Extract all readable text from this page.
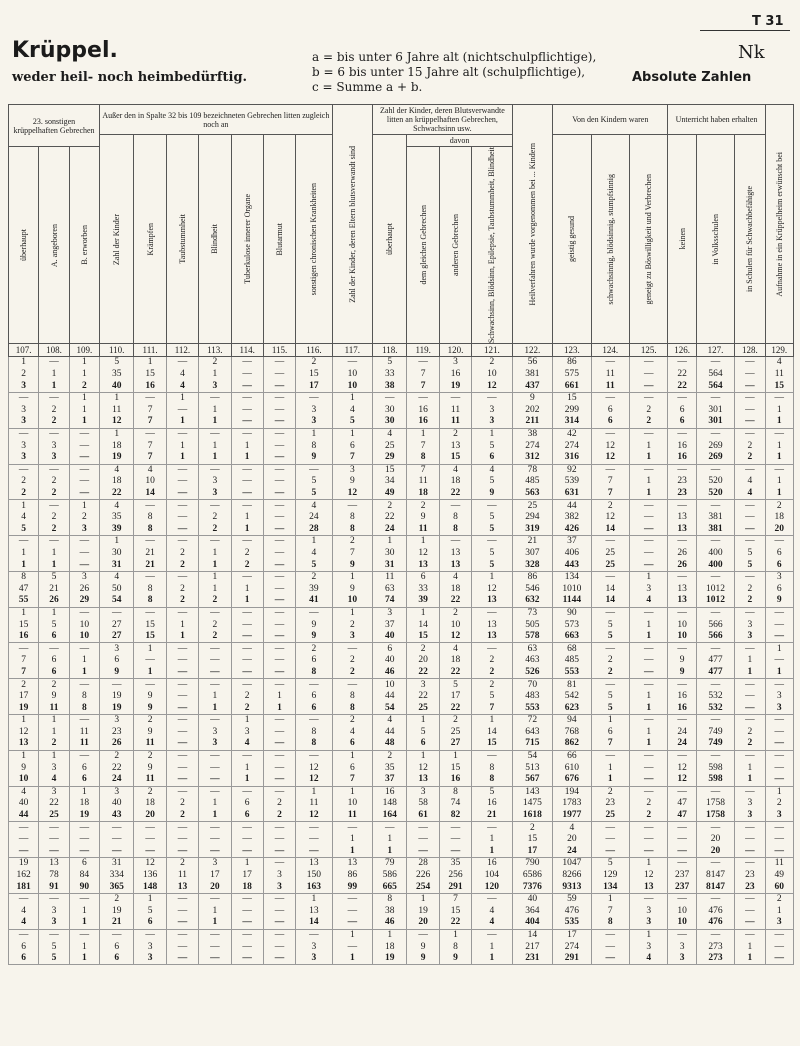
Krüppel.
weder heil- noch heimbedürftig.
a = bis unter 6 Jahre alt (nichtschulpflichtige),
b = 6 bis unter 15 Jahre alt (schulpflichtige),
c = Summe a + b.
T 31
Nk
Absolute Zahlen
23. sonstigen krüppelhaften Gebrechen			Außer den in Spalte 32 bis 109 bezeichneten Gebrechen litten zugleich noch an							Zahl der Kinder, deren Eltern blutsverwandt sind	Zahl der Kinder, deren Blutsverwandte litten an krüppelhaften Gebrechen, Schwachsinn usw.				Heilverfahren wurde vorgenommen bei ... Kindern	Von den Kindern waren			Unterricht haben erhalten			Aufnahme in ein Krüppelheim erwünscht bei

			Zahl der Kinder	Krämpfen	Taubstummheit	Blindheit	Tuberkulose innerer Organe	Blutarmut	sonstigen chronischen Krankheiten		überhaupt	davon				geistig gesund	schwachsinnig, blödsinnig, stumpfsinnig	geneigt zu Böswilligkeit und Verbrechen	keinen	in Volksschulen	in Schulen für Schwachbefähigte	

überhaupt	A. angeboren	B. erworben										dem gleichen Gebrechen	anderen Gebrechen	Schwachsinn, Blödsinn, Epilepsie, Taubstummheit, Blindheit								

107.	108.	109.	110.	111.	112.	113.	114.	115.	116.	117.	118.	119.	120.	121.	122.	123.	124.	125.	126.	127.	128.	129.
1	—	1	5	1	—	2	—	—	2	—	5	—	3	2	56	86	—	—	—	—	—	4
2	1	1	35	15	4	1	—	—	15	10	33	7	16	10	381	575	11	—	22	564	—	11
3	1	2	40	16	4	3	—	—	17	10	38	7	19	12	437	661	11	—	22	564	—	15
—	—	1	1	—	1	—	—	—	—	1	—	—	—	—	9	15	—	—	—	—	—	—
3	2	1	11	7	—	1	—	—	3	4	30	16	11	3	202	299	6	2	6	301	—	1
3	2	1	12	7	1	1	—	—	3	5	30	16	11	3	211	314	6	2	6	301	—	1
—	—	—	1	—	—	—	—	—	1	1	4	1	2	1	38	42	—	—	—	—	—	—
3	3	—	18	7	1	1	1	—	8	6	25	7	13	5	274	274	12	1	16	269	2	1
3	3	—	19	7	1	1	1	—	9	7	29	8	15	6	312	316	12	1	16	269	2	1
—	—	—	4	4	—	—	—	—	—	3	15	7	4	4	78	92	—	—	—	—	—	—
2	2	—	18	10	—	3	—	—	5	9	34	11	18	5	485	539	7	1	23	520	4	1
2	2	—	22	14	—	3	—	—	5	12	49	18	22	9	563	631	7	1	23	520	4	1
1	—	1	4	—	—	—	—	—	4	—	2	2	—	—	25	44	2	—	—	—	—	2
4	2	2	35	8	—	2	1	—	24	8	22	9	8	5	294	382	12	—	13	381	—	18
5	2	3	39	8	—	2	1	—	28	8	24	11	8	5	319	426	14	—	13	381	—	20
—	—	—	1	—	—	—	—	—	1	2	1	1	—	—	21	37	—	—	—	—	—	—
1	1	—	30	21	2	1	2	—	4	7	30	12	13	5	307	406	25	—	26	400	5	6
1	1	—	31	21	2	1	2	—	5	9	31	13	13	5	328	443	25	—	26	400	5	6
8	5	3	4	—	—	1	—	—	2	1	11	6	4	1	86	134	—	1	—	—	—	3
47	21	26	50	8	2	1	1	—	39	9	63	33	18	12	546	1010	14	3	13	1012	2	6
55	26	29	54	8	2	2	1	—	41	10	74	39	22	13	632	1144	14	4	13	1012	2	9
1	1	—	—	—	—	—	—	—	—	1	3	1	2	—	73	90	—	—	—	—	—	—
15	5	10	27	15	1	2	—	—	9	2	37	14	10	13	505	573	5	1	10	566	3	—
16	6	10	27	15	1	2	—	—	9	3	40	15	12	13	578	663	5	1	10	566	3	—
—	—	—	3	1	—	—	—	—	2	—	6	2	4	—	63	68	—	—	—	—	—	1
7	6	1	6	—	—	—	—	—	6	2	40	20	18	2	463	485	2	—	9	477	1	—
7	6	1	9	1	—	—	—	—	8	2	46	22	22	2	526	553	2	—	9	477	1	1
2	2	—	—	—	—	—	—	—	—	—	10	3	5	2	70	81	—	—	—	—	—	—
17	9	8	19	9	—	1	2	1	6	8	44	22	17	5	483	542	5	1	16	532	—	3
19	11	8	19	9	—	1	2	1	6	8	54	25	22	7	553	623	5	1	16	532	—	3
1	1	—	3	2	—	—	1	—	—	2	4	1	2	1	72	94	1	—	—	—	—	—
12	1	11	23	9	—	3	3	—	8	4	44	5	25	14	643	768	6	1	24	749	2	—
13	2	11	26	11	—	3	4	—	8	6	48	6	27	15	715	862	7	1	24	749	2	—
1	1	—	2	2	—	—	—	—	—	1	2	1	1	—	54	66	—	—	—	—	—	—
9	3	6	22	9	—	—	1	—	12	6	35	12	15	8	513	610	1	—	12	598	1	—
10	4	6	24	11	—	—	1	—	12	7	37	13	16	8	567	676	1	—	12	598	1	—
4	3	1	3	2	—	—	—	—	1	1	16	3	8	5	143	194	2	—	—	—	—	1
40	22	18	40	18	2	1	6	2	11	10	148	58	74	16	1475	1783	23	2	47	1758	3	2
44	25	19	43	20	2	1	6	2	12	11	164	61	82	21	1618	1977	25	2	47	1758	3	3
—	—	—	—	—	—	—	—	—	—	—	—	—	—	—	2	4	—	—	—	—	—	—
—	—	—	—	—	—	—	—	—	—	1	1	—	—	1	15	20	—	—	—	20	—	—
—	—	—	—	—	—	—	—	—	—	1	1	—	—	1	17	24	—	—	—	20	—	—
19	13	6	31	12	2	3	1	—	13	13	79	28	35	16	790	1047	5	1	—	—	—	11
162	78	84	334	136	11	17	17	3	150	86	586	226	256	104	6586	8266	129	12	237	8147	23	49
181	91	90	365	148	13	20	18	3	163	99	665	254	291	120	7376	9313	134	13	237	8147	23	60
—	—	—	2	1	—	—	—	—	1	—	8	1	7	—	40	59	1	—	—	—	—	2
4	3	1	19	5	—	1	—	—	13	—	38	19	15	4	364	476	7	3	10	476	—	1
4	3	1	21	6	—	1	—	—	14	—	46	20	22	4	404	535	8	3	10	476	—	3
—	—	—	—	—	—	—	—	—	—	1	1	—	1	—	14	17	—	1	—	—	—	—
6	5	1	6	3	—	—	—	—	3	—	18	9	8	1	217	274	—	3	3	273	1	—
6	5	1	6	3	—	—	—	—	3	1	19	9	9	1	231	291	—	4	3	273	1	—
